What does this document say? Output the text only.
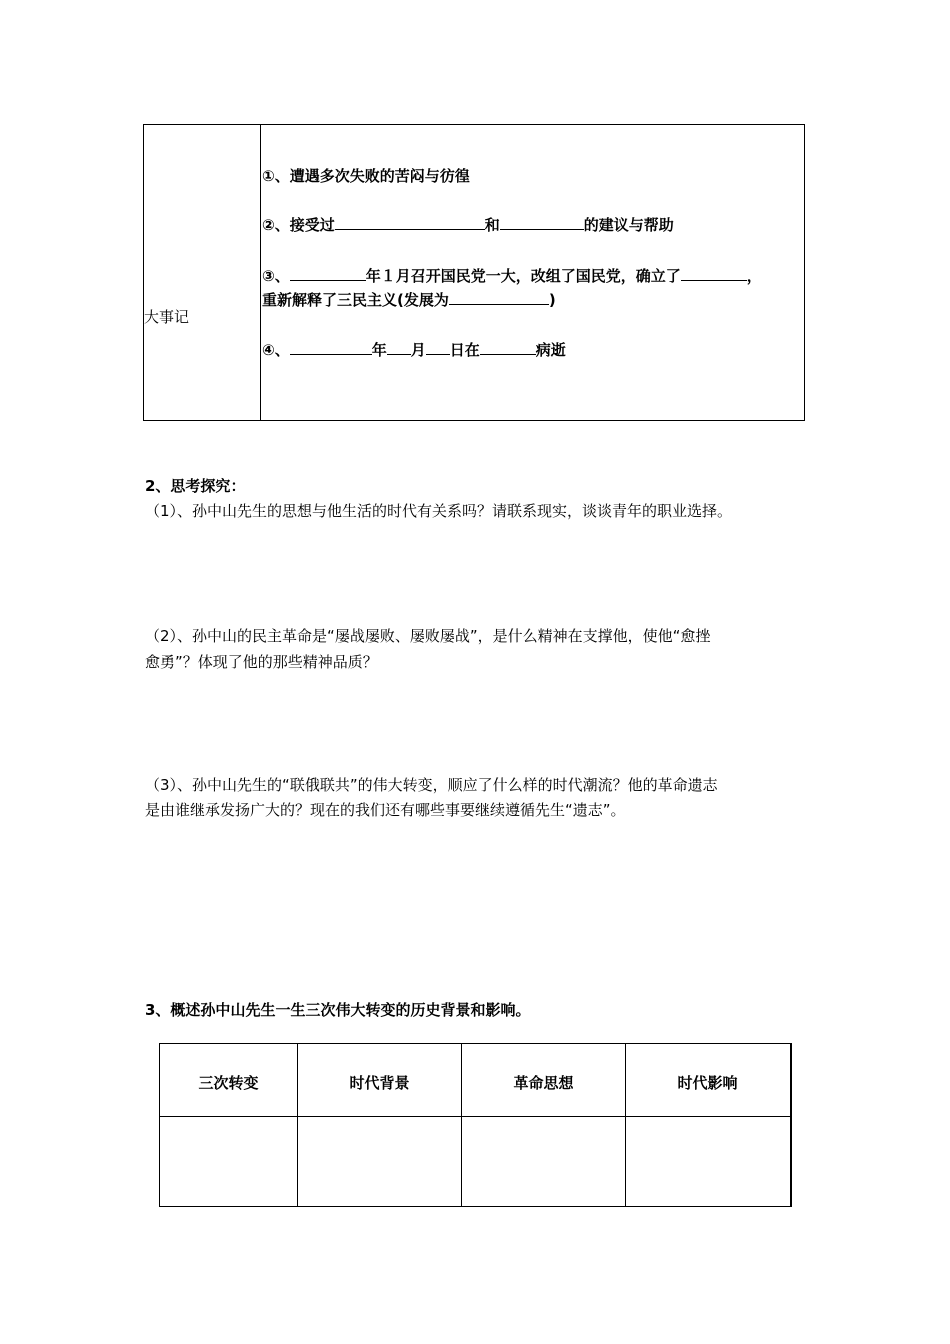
大事记
①、遭遇多次失败的苦闷与彷徨
②、接受过	和	的建议与帮助
③、	年１月召开国民党一大，改组了国民党，确立了	，
重新解释了三民主义(发展为	)
④、	年 月 日在	病逝
2、思考探究：
（1）、孙中山先生的思想与他生活的时代有关系吗？请联系现实，谈谈青年的职业选择。
（2）、孙中山的民主革命是“屡战屡败、屡败屡战”，是什么精神在支撑他，使他“愈挫
愈勇”？体现了他的那些精神品质？
（3）、孙中山先生的“联俄联共”的伟大转变，顺应了什么样的时代潮流？他的革命遗志
是由谁继承发扬广大的？现在的我们还有哪些事要继续遵循先生“遗志”。
3、概述孙中山先生一生三次伟大转变的历史背景和影响。
三次转变	时代背景	革命思想	时代影响
